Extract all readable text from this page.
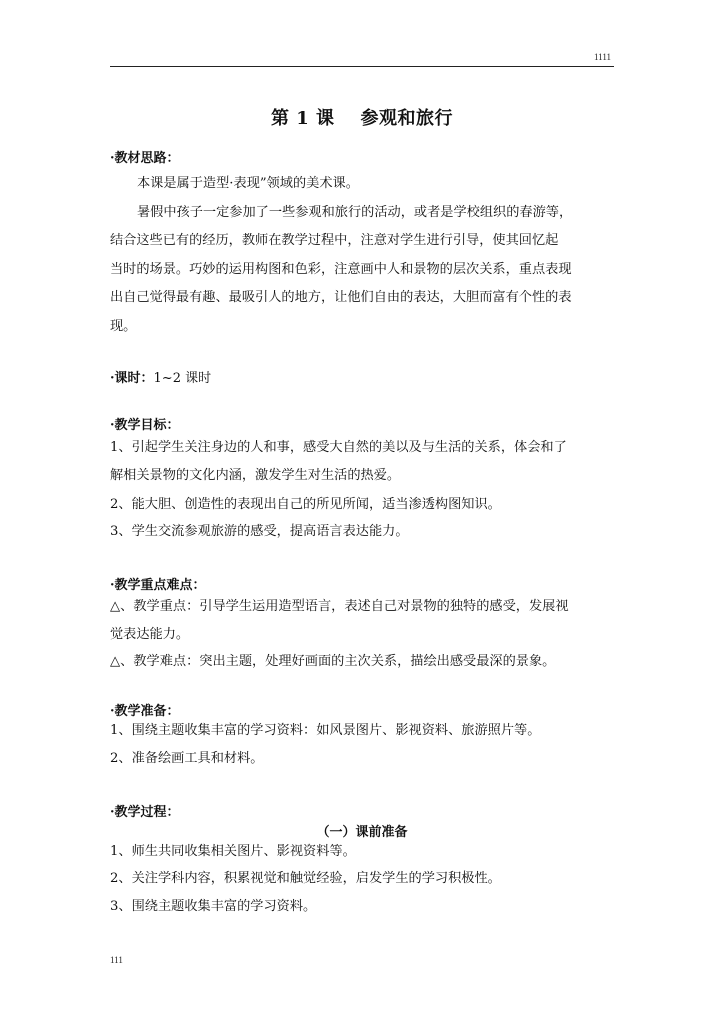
1111
第 1 课 参观和旅行
·教材思路：
本课是属于造型·表现”领域的美术课。
暑假中孩子一定参加了一些参观和旅行的活动，或者是学校组织的春游等，
结合这些已有的经历，教师在教学过程中，注意对学生进行引导，使其回忆起
当时的场景。巧妙的运用构图和色彩，注意画中人和景物的层次关系，重点表现
出自己觉得最有趣、最吸引人的地方，让他们自由的表达，大胆而富有个性的表
现。
·课时：1~2 课时
·教学目标：
1、引起学生关注身边的人和事，感受大自然的美以及与生活的关系，体会和了
解相关景物的文化内涵，激发学生对生活的热爱。
2、能大胆、创造性的表现出自己的所见所闻，适当渗透构图知识。
3、学生交流参观旅游的感受，提高语言表达能力。
·教学重点难点：
△、教学重点：引导学生运用造型语言，表述自己对景物的独特的感受，发展视
觉表达能力。
△、教学难点：突出主题，处理好画面的主次关系，描绘出感受最深的景象。
·教学准备：
1、围绕主题收集丰富的学习资料：如风景图片、影视资料、旅游照片等。
2、准备绘画工具和材料。
·教学过程：
（一）课前准备
1、师生共同收集相关图片、影视资料等。
2、关注学科内容，积累视觉和触觉经验，启发学生的学习积极性。
3、围绕主题收集丰富的学习资料。
111
